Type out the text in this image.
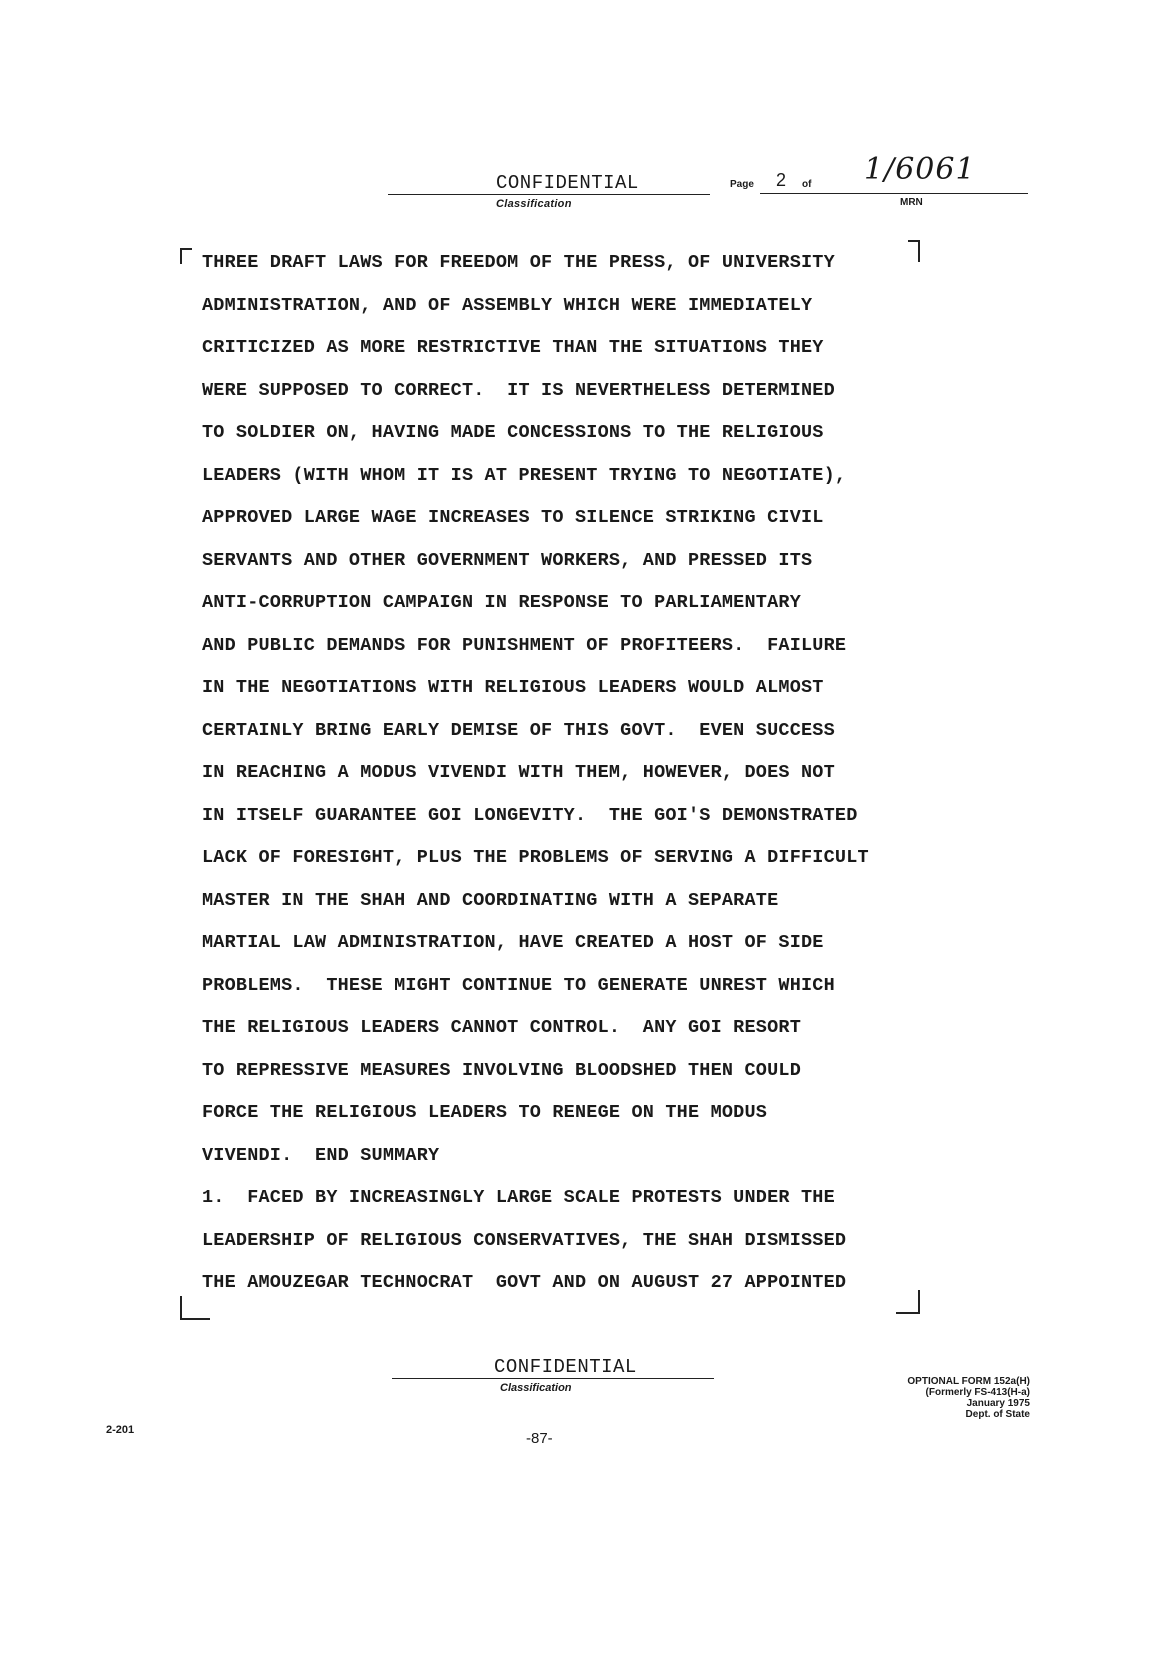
CONFIDENTIAL
Classification
Page 2 of 1/6061
MRN
THREE DRAFT LAWS FOR FREEDOM OF THE PRESS, OF UNIVERSITY
ADMINISTRATION, AND OF ASSEMBLY WHICH WERE IMMEDIATELY
CRITICIZED AS MORE RESTRICTIVE THAN THE SITUATIONS THEY
WERE SUPPOSED TO CORRECT.  IT IS NEVERTHELESS DETERMINED
TO SOLDIER ON, HAVING MADE CONCESSIONS TO THE RELIGIOUS
LEADERS (WITH WHOM IT IS AT PRESENT TRYING TO NEGOTIATE),
APPROVED LARGE WAGE INCREASES TO SILENCE STRIKING CIVIL
SERVANTS AND OTHER GOVERNMENT WORKERS, AND PRESSED ITS
ANTI-CORRUPTION CAMPAIGN IN RESPONSE TO PARLIAMENTARY
AND PUBLIC DEMANDS FOR PUNISHMENT OF PROFITEERS.  FAILURE
IN THE NEGOTIATIONS WITH RELIGIOUS LEADERS WOULD ALMOST
CERTAINLY BRING EARLY DEMISE OF THIS GOVT.  EVEN SUCCESS
IN REACHING A MODUS VIVENDI WITH THEM, HOWEVER, DOES NOT
IN ITSELF GUARANTEE GOI LONGEVITY.  THE GOI'S DEMONSTRATED
LACK OF FORESIGHT, PLUS THE PROBLEMS OF SERVING A DIFFICULT
MASTER IN THE SHAH AND COORDINATING WITH A SEPARATE
MARTIAL LAW ADMINISTRATION, HAVE CREATED A HOST OF SIDE
PROBLEMS.  THESE MIGHT CONTINUE TO GENERATE UNREST WHICH
THE RELIGIOUS LEADERS CANNOT CONTROL.  ANY GOI RESORT
TO REPRESSIVE MEASURES INVOLVING BLOODSHED THEN COULD
FORCE THE RELIGIOUS LEADERS TO RENEGE ON THE MODUS
VIVENDI.  END SUMMARY
1.  FACED BY INCREASINGLY LARGE SCALE PROTESTS UNDER THE
LEADERSHIP OF RELIGIOUS CONSERVATIVES, THE SHAH DISMISSED
THE AMOUZEGAR TECHNOCRAT  GOVT AND ON AUGUST 27 APPOINTED
CONFIDENTIAL
Classification
OPTIONAL FORM 152a(H)
(Formerly FS-413(H-a)
January 1975
Dept. of State
2-201	-87-
